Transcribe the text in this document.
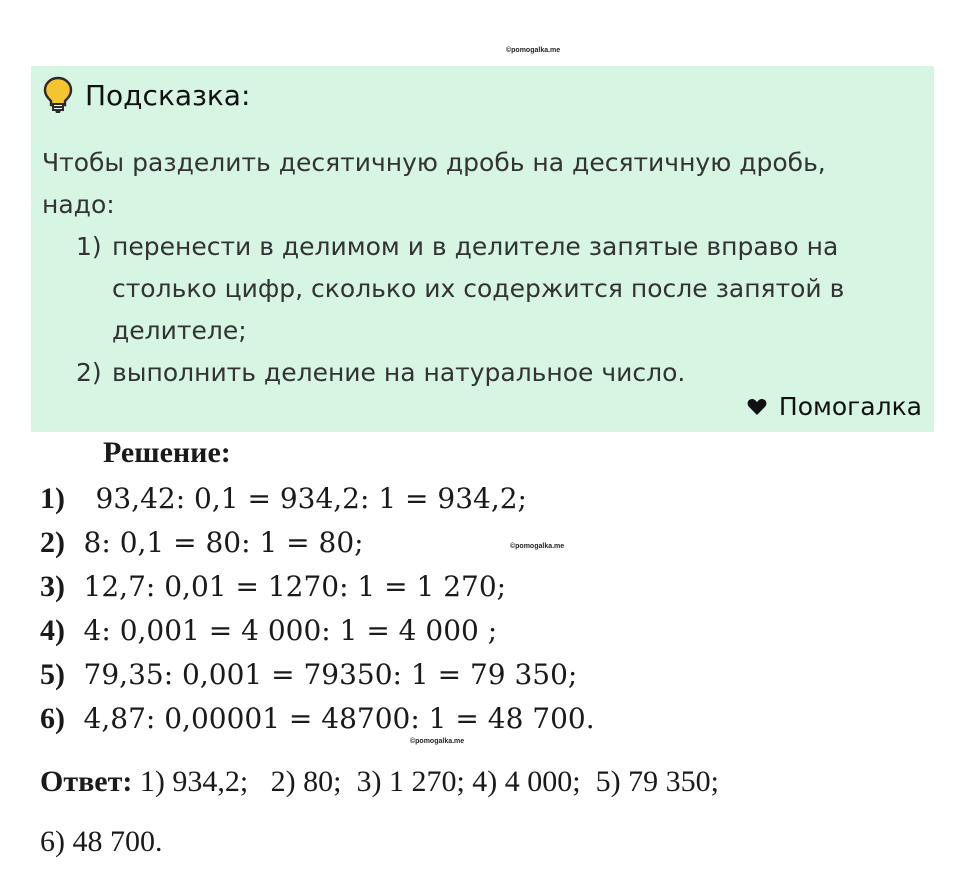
©pomogalka.me
Подсказка:
Чтобы разделить десятичную дробь на десятичную дробь,
надо:
1) перенести в делимом и в делителе запятые вправо на столько цифр, сколько их содержится после запятой в делителе;
2) выполнить деление на натуральное число.
Помогалка
Решение:
1) 93,42: 0,1 = 934,2: 1 = 934,2;
2) 8: 0,1 = 80: 1 = 80;
3) 12,7: 0,01 = 1270: 1 = 1 270;
4) 4: 0,001 = 4 000: 1 = 4 000 ;
5) 79,35: 0,001 = 79350: 1 = 79 350;
6) 4,87: 0,00001 = 48700: 1 = 48 700.
©pomogalka.me
©pomogalka.me
Ответ: 1) 934,2;   2) 80;  3) 1 270; 4) 4 000;  5) 79 350;
6) 48 700.
